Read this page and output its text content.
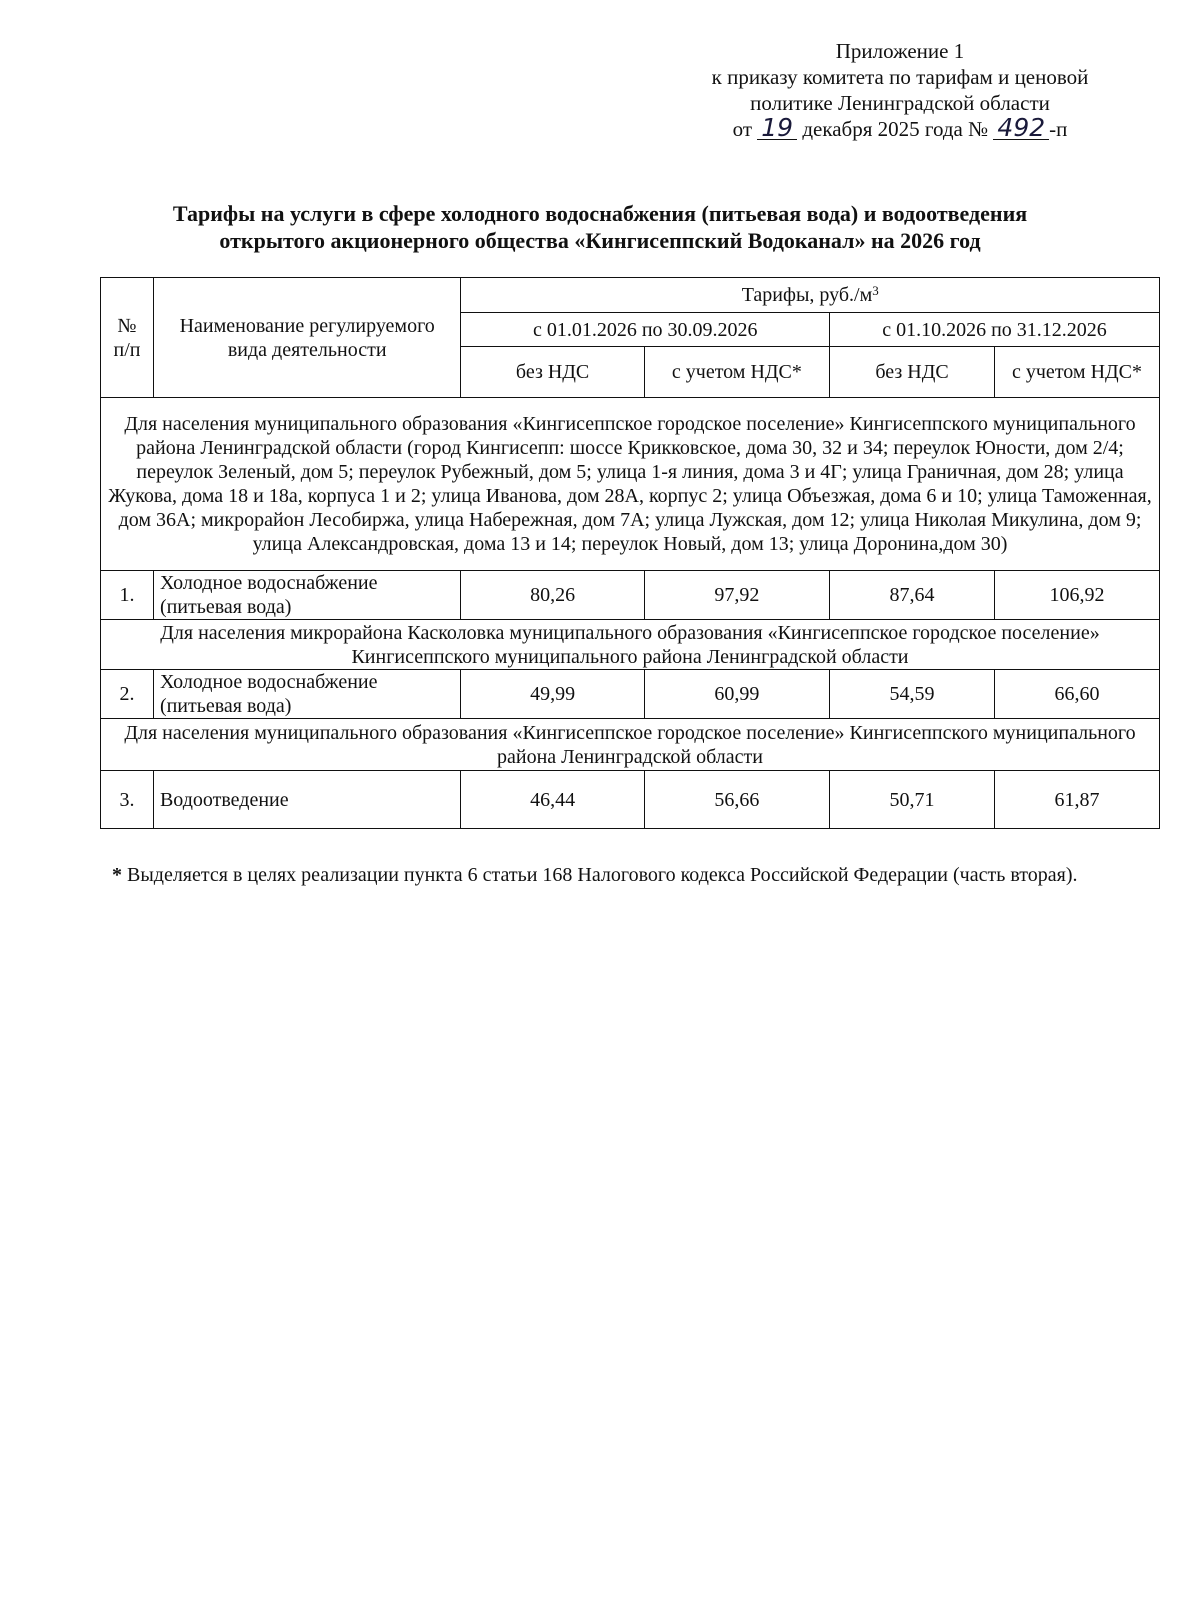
Приложение 1
к приказу комитета по тарифам и ценовой
политике Ленинградской области
от 19 декабря 2025 года № 492 -п
Тарифы на услуги в сфере холодного водоснабжения (питьевая вода) и водоотведения
открытого акционерного общества «Кингисеппский Водоканал» на 2026 год
№ п/п	Наименование регулируемого вида деятельности	Тарифы, $руб./м^3$
		с 01.01.2026 по 30.09.2026		с 01.10.2026 по 31.12.2026	
		без НДС	с учетом НДС*	без НДС	с учетом НДС*
Для населения муниципального образования «Кингисеппское городское поселение» Кингисеппского муниципального района Ленинградской области (город Кингисепп: шоссе Крикковское, дома 30, 32 и 34; переулок Юности, дом 2/4; переулок Зеленый, дом 5; переулок Рубежный, дом 5; улица 1-я линия, дома 3 и 4Г; улица Граничная, дом 28; улица Жукова, дома 18 и 18а, корпуса 1 и 2; улица Иванова, дом 28А, корпус 2; улица Объезжая, дома 6 и 10; улица Таможенная, дом 36А; микрорайон Лесобиржа, улица Набережная, дом 7А; улица Лужская, дом 12; улица Николая Микулина, дом 9; улица Александровская, дома 13 и 14; переулок Новый, дом 13; улица Доронина,дом 30)					
1.	Холодное водоснабжение (питьевая вода)	80,26	97,92	87,64	106,92
Для населения микрорайона Касколовка муниципального образования «Кингисеппское городское поселение» Кингисеппского муниципального района Ленинградской области					
2.	Холодное водоснабжение (питьевая вода)	49,99	60,99	54,59	66,60
Для населения муниципального образования «Кингисеппское городское поселение» Кингисеппского муниципального района Ленинградской области					
3.	Водоотведение	46,44	56,66	50,71	61,87
* Выделяется в целях реализации пункта 6 статьи 168 Налогового кодекса Российской Федерации (часть вторая).
